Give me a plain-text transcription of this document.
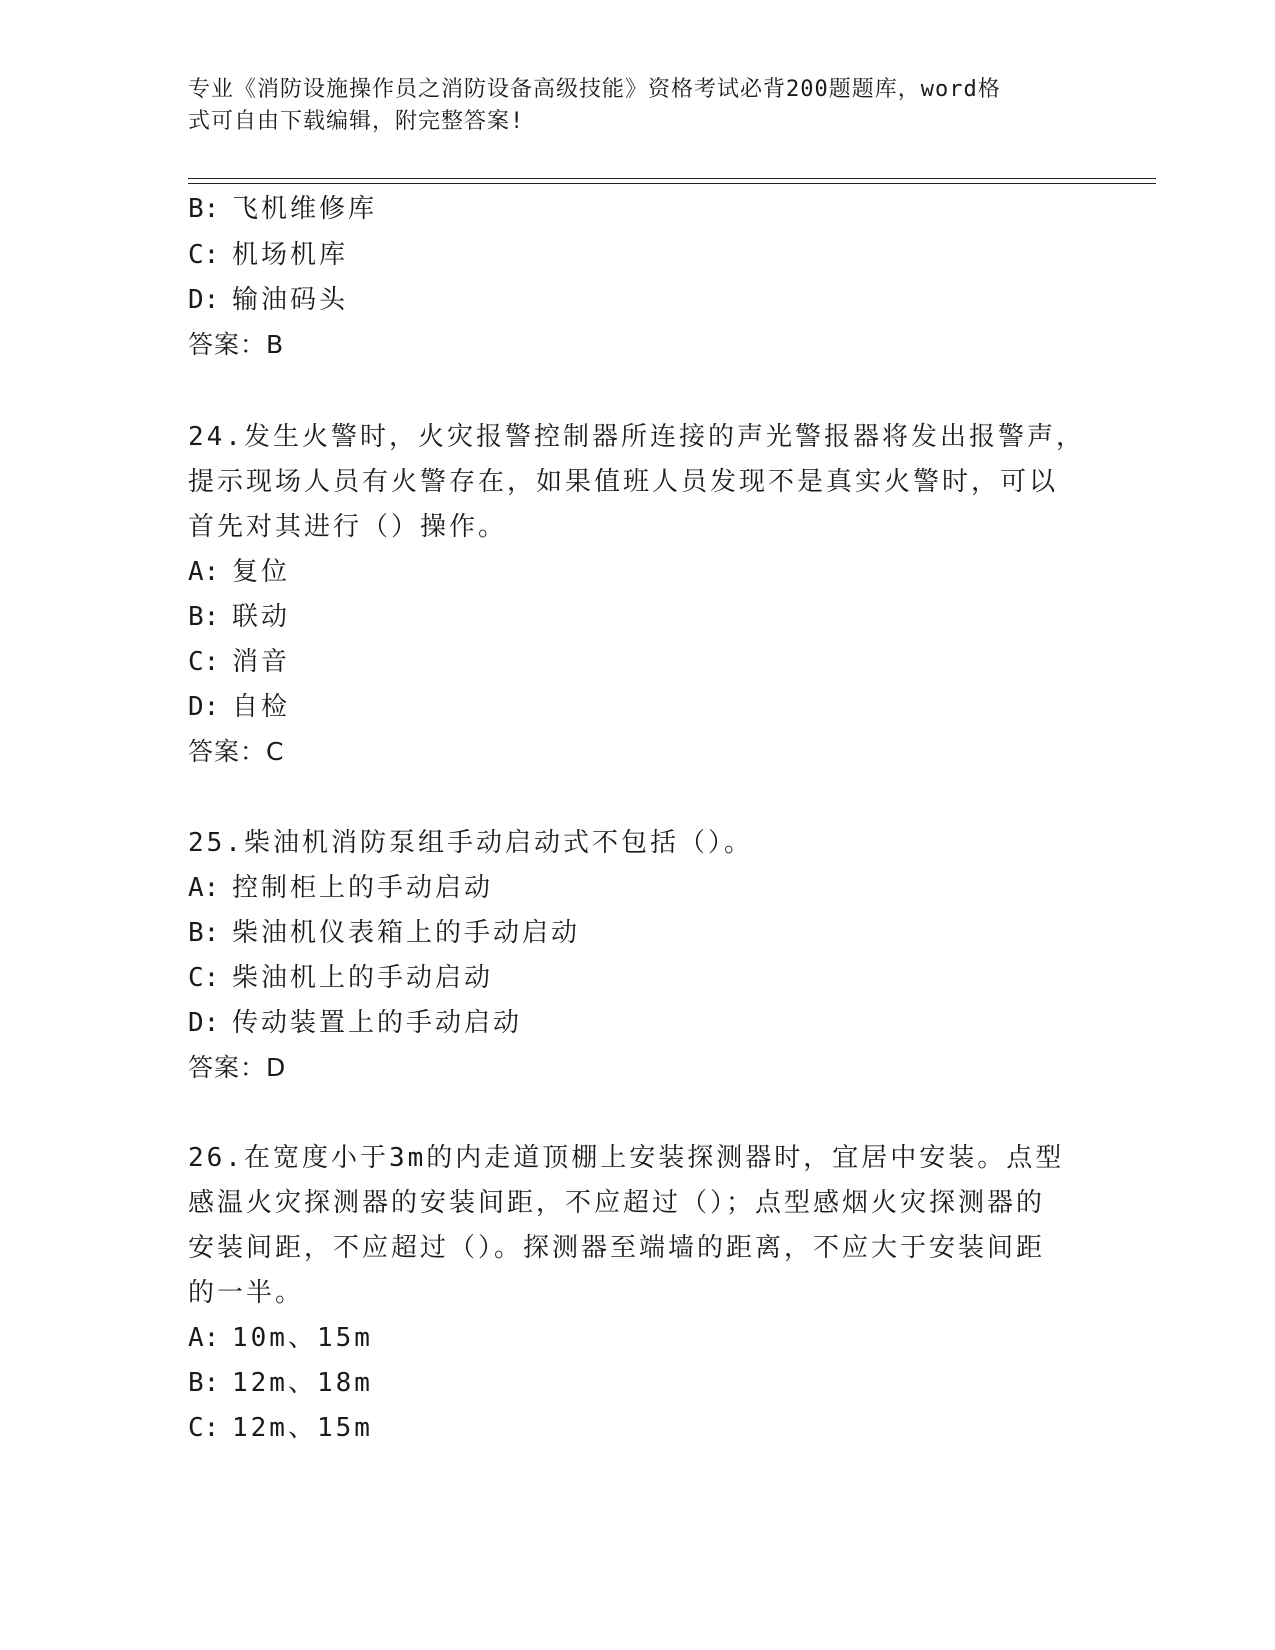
专业《消防设施操作员之消防设备高级技能》资格考试必背200题题库，word格
式可自由下载编辑，附完整答案!

B: 飞机维修库

C: 机场机库

D: 输油码头

答案：B

24.发生火警时，火灾报警控制器所连接的声光警报器将发出报警声，

提示现场人员有火警存在，如果值班人员发现不是真实火警时，可以

首先对其进行（）操作。

A: 复位

B: 联动

C: 消音

D: 自检

答案：C

25.柴油机消防泵组手动启动式不包括（）。

A: 控制柜上的手动启动

B: 柴油机仪表箱上的手动启动

C: 柴油机上的手动启动

D: 传动装置上的手动启动

答案：D

26.在宽度小于3m的内走道顶棚上安装探测器时，宜居中安装。点型

感温火灾探测器的安装间距，不应超过（）；点型感烟火灾探测器的

安装间距，不应超过（）。探测器至端墙的距离，不应大于安装间距

的一半。

A: 10m、15m

B: 12m、18m

C: 12m、15m
